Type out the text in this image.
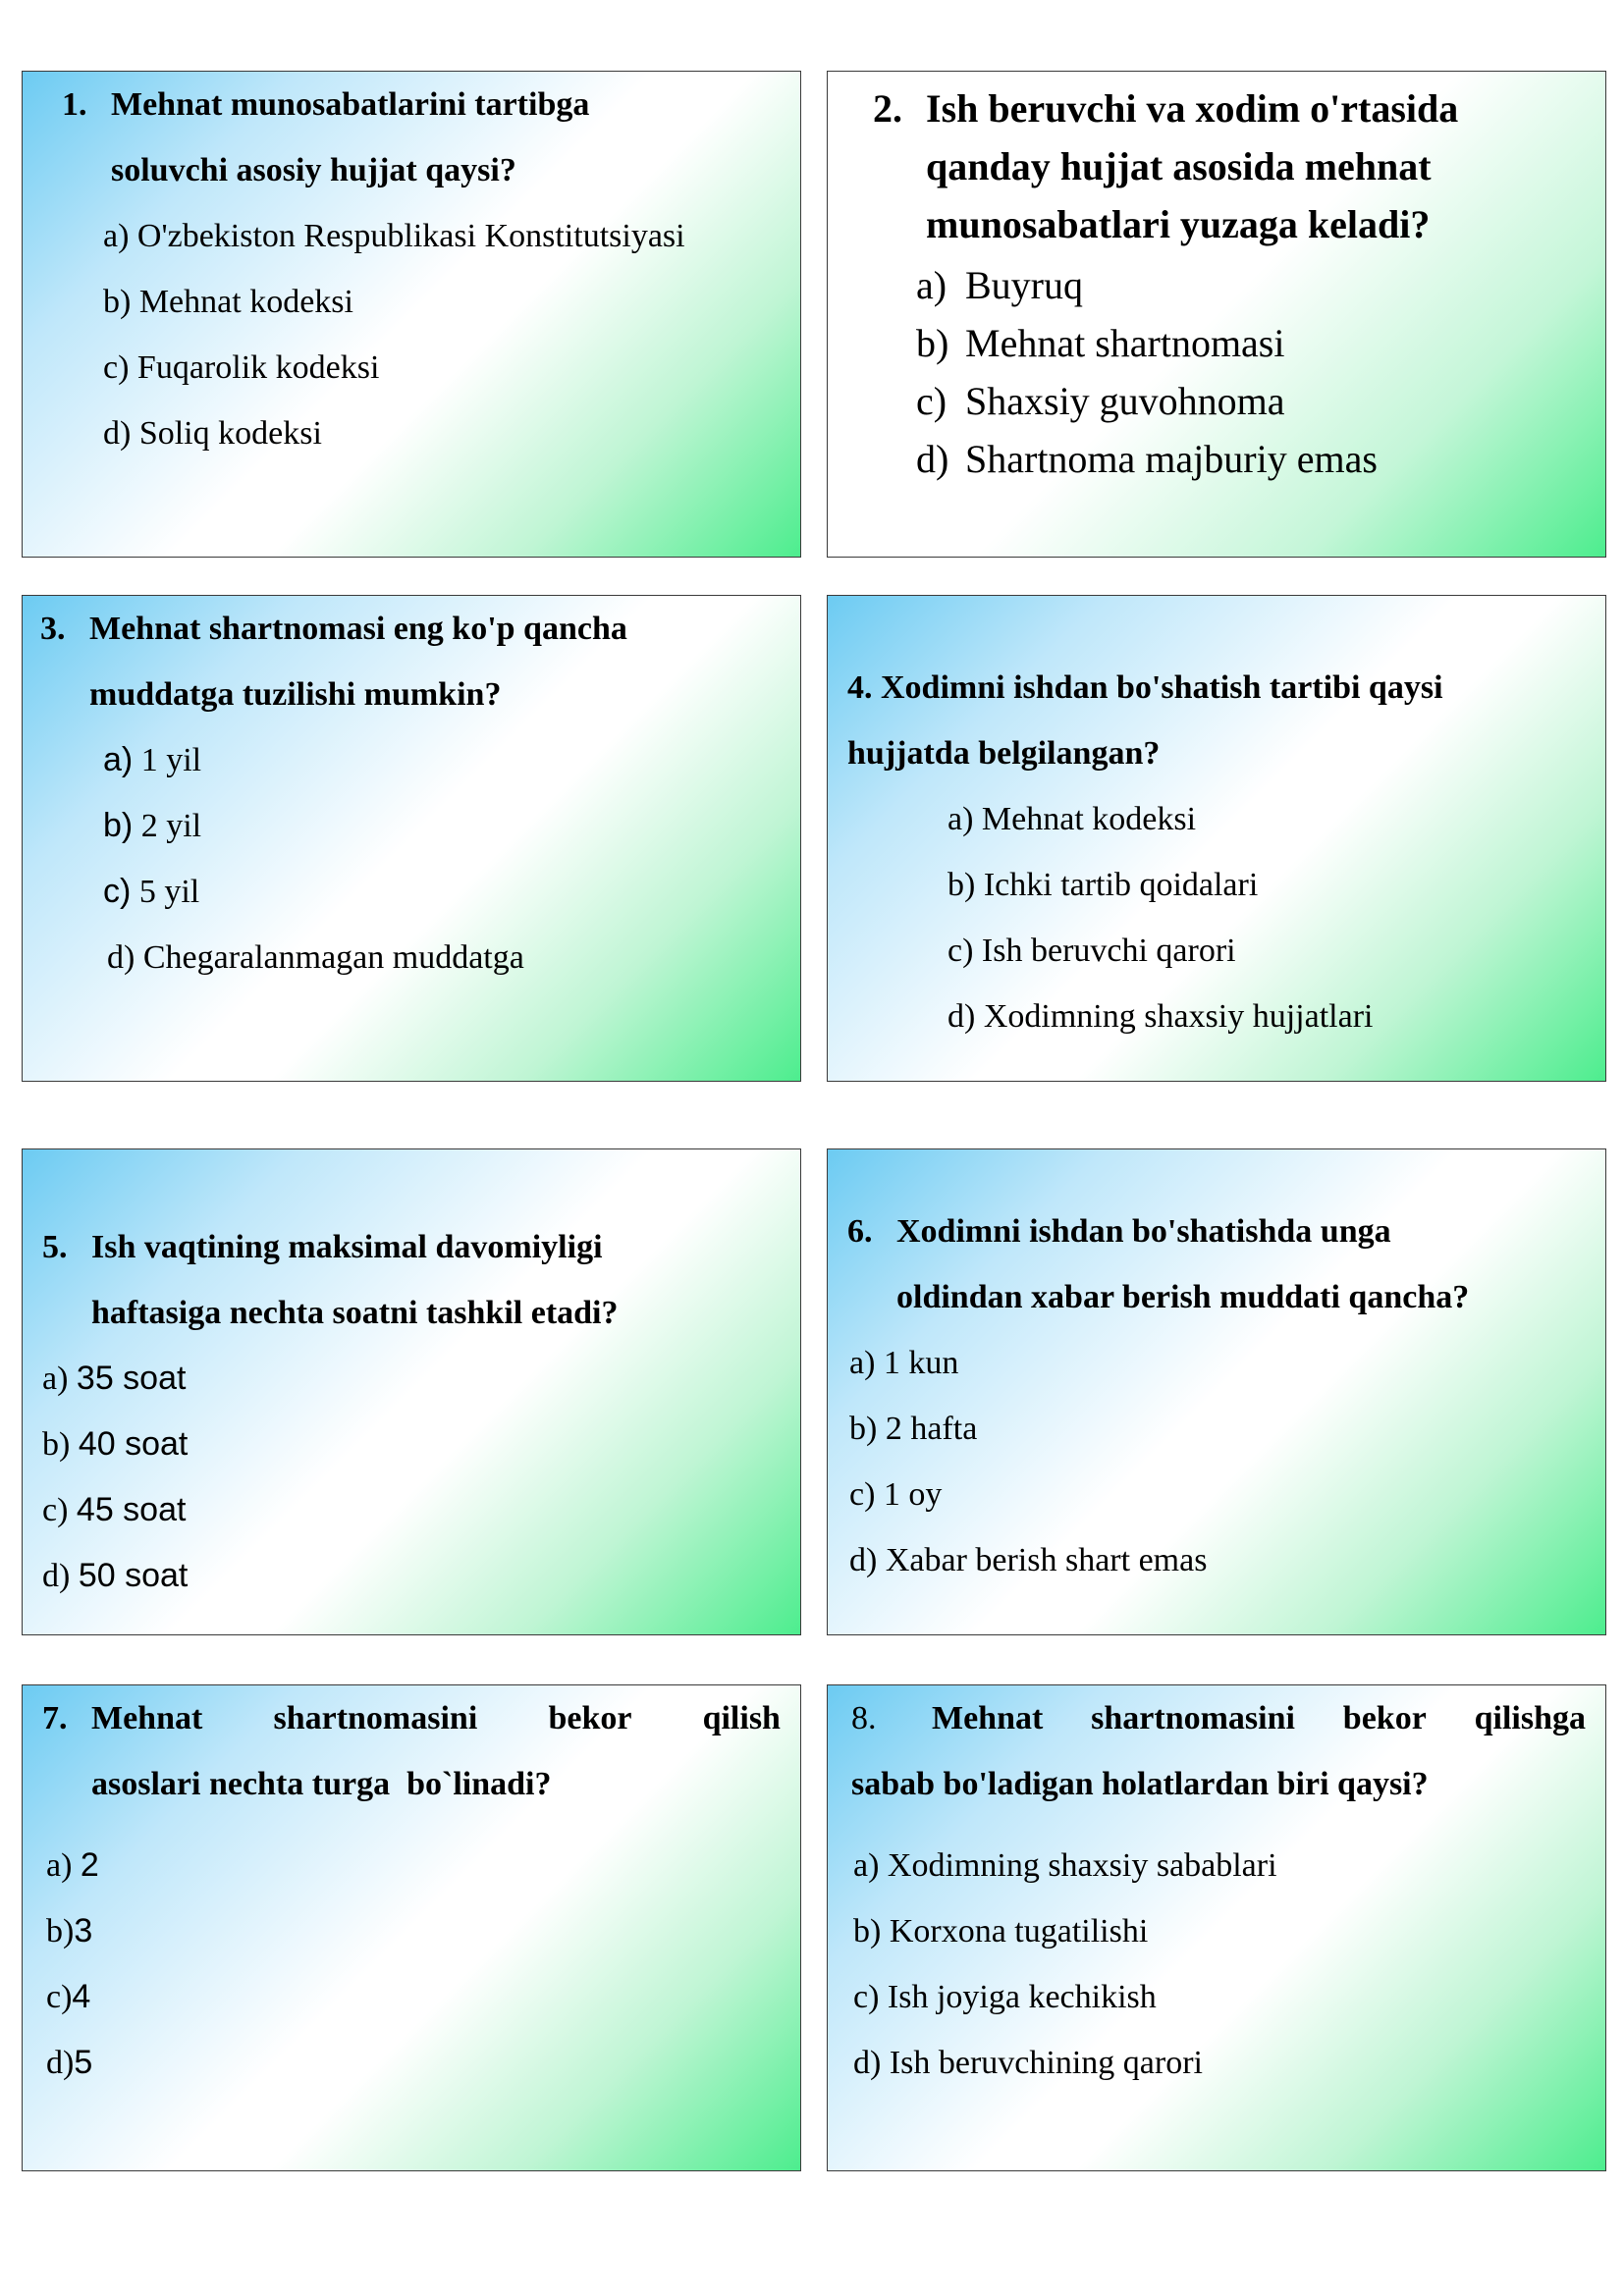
1. Mehnat munosabatlarini tartibga
soluvchi asosiy hujjat qaysi?
a) O'zbekiston Respublikasi Konstitutsiyasi
b) Mehnat kodeksi
c) Fuqarolik kodeksi
d) Soliq kodeksi
2. Ish beruvchi va xodim o'rtasida
qanday hujjat asosida mehnat
munosabatlari yuzaga keladi?
a) Buyruq
b) Mehnat shartnomasi
c) Shaxsiy guvohnoma
d) Shartnoma majburiy emas
3. Mehnat shartnomasi eng ko'p qancha
muddatga tuzilishi mumkin?
a) 1 yil
b) 2 yil
c) 5 yil
d) Chegaralanmagan muddatga
4. Xodimni ishdan bo'shatish tartibi qaysi
hujjatda belgilangan?
a) Mehnat kodeksi
b) Ichki tartib qoidalari
c) Ish beruvchi qarori
d) Xodimning shaxsiy hujjatlari
5. Ish vaqtining maksimal davomiyligi
haftasiga nechta soatni tashkil etadi?
a) 35 soat
b) 40 soat
c) 45 soat
d) 50 soat
6. Xodimni ishdan bo'shatishda unga
oldindan xabar berish muddati qancha?
a) 1 kun
b) 2 hafta
c) 1 oy
d) Xabar berish shart emas
7. Mehnat shartnomasini bekor qilish
asoslari nechta turga  bo`linadi?
a) 2
b)3
c)4
d)5
8.	Mehnat shartnomasini bekor qilishga
sabab bo'ladigan holatlardan biri qaysi?
a) Xodimning shaxsiy sabablari
b) Korxona tugatilishi
c) Ish joyiga kechikish
d) Ish beruvchining qarori
